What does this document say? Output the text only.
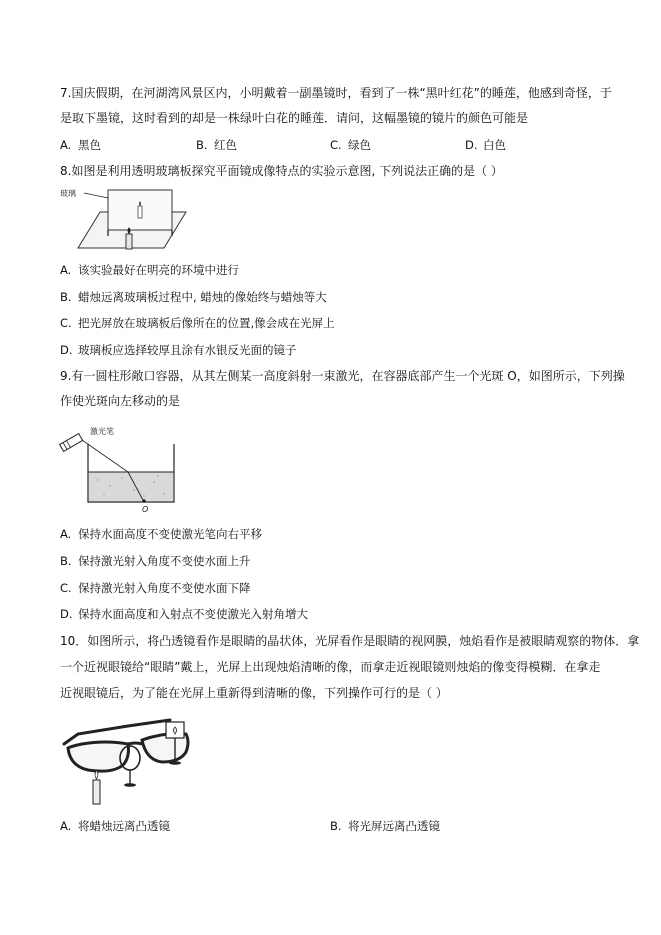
7.国庆假期，在河湖湾风景区内，小明戴着一副墨镜时，看到了一株“黑叶红花”的睡莲，他感到奇怪，于
是取下墨镜，这时看到的却是一株绿叶白花的睡莲．请问，这幅墨镜的镜片的颜色可能是
A. 黑色	B. 红色	C. 绿色	D. 白色
8.如图是利用透明玻璃板探究平面镜成像特点的实验示意图, 下列说法正确的是（ ）
玻璃
A. 该实验最好在明亮的环境中进行
B. 蜡烛远离玻璃板过程中, 蜡烛的像始终与蜡烛等大
C. 把光屏放在玻璃板后像所在的位置,像会成在光屏上
D. 玻璃板应选择较厚且涂有水银反光面的镜子
9.有一圆柱形敞口容器，从其左侧某一高度斜射一束激光，在容器底部产生一个光斑 O，如图所示，下列操
作使光斑向左移动的是
激光笔
O
A. 保持水面高度不变使激光笔向右平移
B. 保持激光射入角度不变使水面上升
C. 保持激光射入角度不变使水面下降
D. 保持水面高度和入射点不变使激光入射角增大
10．如图所示，将凸透镜看作是眼睛的晶状体，光屏看作是眼睛的视网膜，烛焰看作是被眼睛观察的物体．拿
一个近视眼镜给“眼睛”戴上，光屏上出现烛焰清晰的像，而拿走近视眼镜则烛焰的像变得模糊．在拿走
近视眼镜后，为了能在光屏上重新得到清晰的像，下列操作可行的是（ ）
A. 将蜡烛远离凸透镜	B. 将光屏远离凸透镜
